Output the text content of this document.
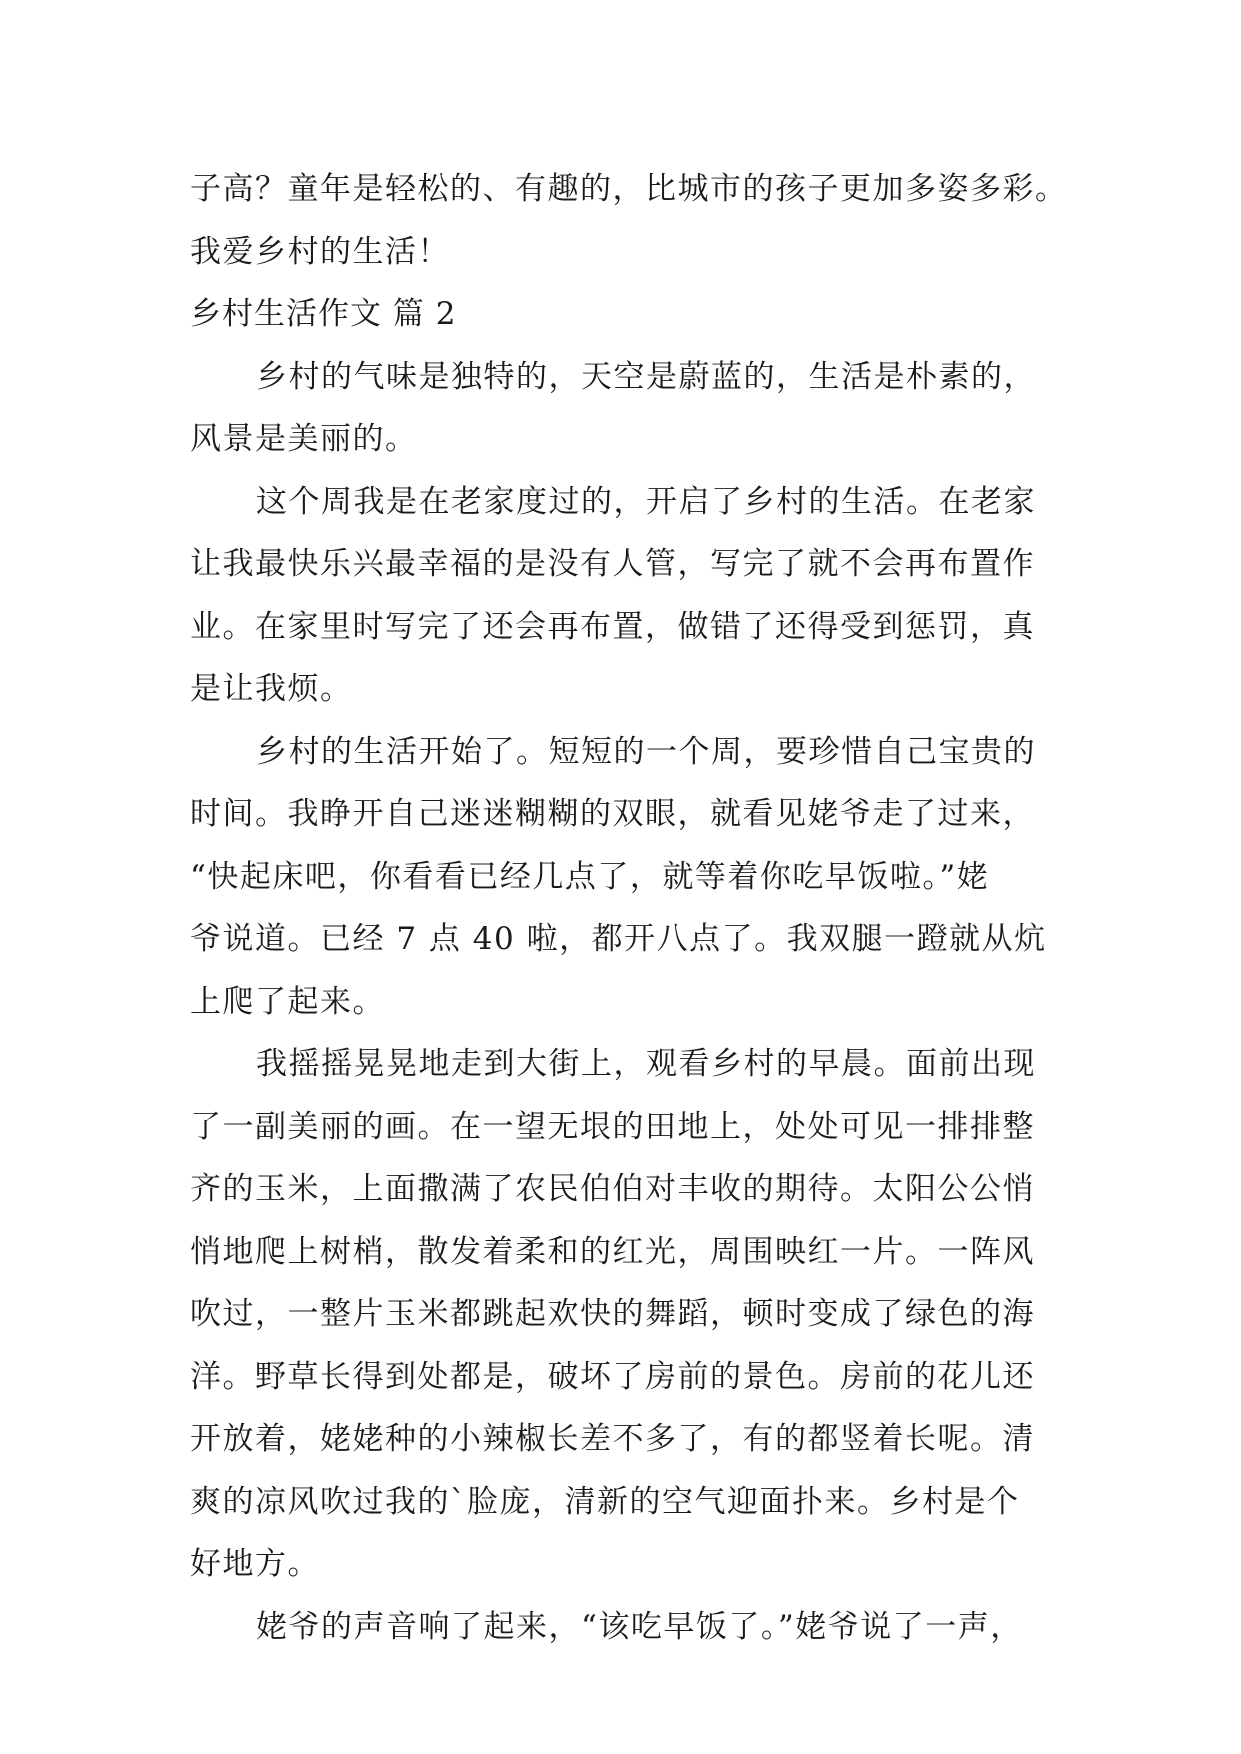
子高？童年是轻松的、有趣的，比城市的孩子更加多姿多彩。
我爱乡村的生活！
乡村生活作文 篇 2
乡村的气味是独特的，天空是蔚蓝的，生活是朴素的，
风景是美丽的。
这个周我是在老家度过的，开启了乡村的生活。在老家
让我最快乐兴最幸福的是没有人管，写完了就不会再布置作
业。在家里时写完了还会再布置，做错了还得受到惩罚，真
是让我烦。
乡村的生活开始了。短短的一个周，要珍惜自己宝贵的
时间。我睁开自己迷迷糊糊的双眼，就看见姥爷走了过来，
“快起床吧，你看看已经几点了，就等着你吃早饭啦。”姥
爷说道。已经 7 点 40 啦，都开八点了。我双腿一蹬就从炕
上爬了起来。
我摇摇晃晃地走到大街上，观看乡村的早晨。面前出现
了一副美丽的画。在一望无垠的田地上，处处可见一排排整
齐的玉米，上面撒满了农民伯伯对丰收的期待。太阳公公悄
悄地爬上树梢，散发着柔和的红光，周围映红一片。一阵风
吹过，一整片玉米都跳起欢快的舞蹈，顿时变成了绿色的海
洋。野草长得到处都是，破坏了房前的景色。房前的花儿还
开放着，姥姥种的小辣椒长差不多了，有的都竖着长呢。清
爽的凉风吹过我的`脸庞，清新的空气迎面扑来。乡村是个
好地方。
姥爷的声音响了起来，“该吃早饭了。”姥爷说了一声，
